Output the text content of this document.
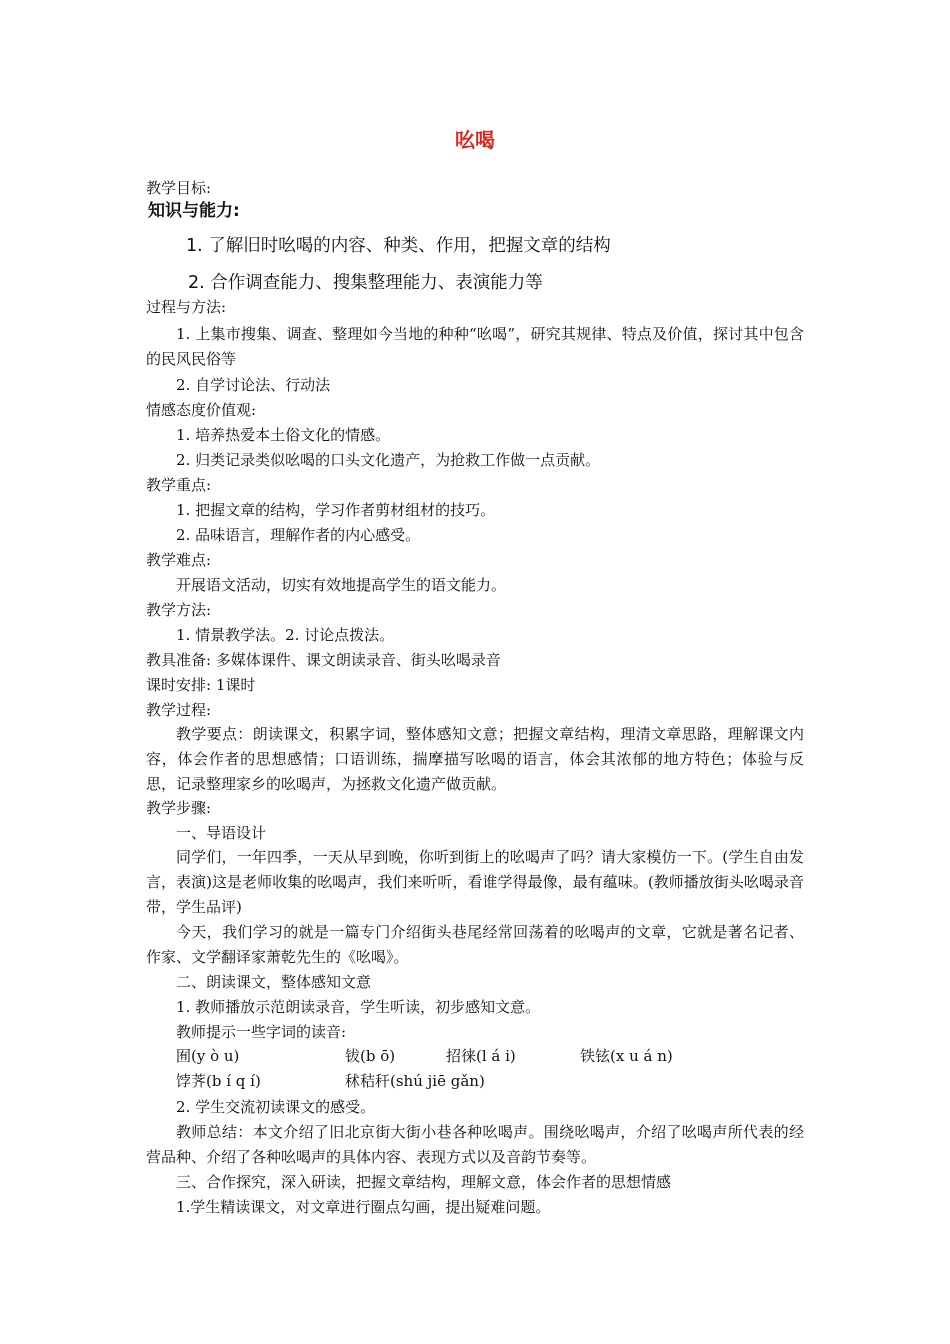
吆喝
教学目标:
知识与能力:
1. 了解旧时吆喝的内容、种类、作用，把握文章的结构
2. 合作调查能力、搜集整理能力、表演能力等
过程与方法:
1. 上集市搜集、调查、整理如今当地的种种“吆喝”，研究其规律、特点及价值，探讨其中包含的民风民俗等
2. 自学讨论法、行动法
情感态度价值观:
1. 培养热爱本土俗文化的情感。
2. 归类记录类似吆喝的口头文化遗产，为抢救工作做一点贡献。
教学重点:
1. 把握文章的结构，学习作者剪材组材的技巧。
2. 品味语言，理解作者的内心感受。
教学难点:
开展语文活动，切实有效地提高学生的语文能力。
教学方法:
1. 情景教学法。2. 讨论点拨法。
教具准备: 多媒体课件、课文朗读录音、街头吆喝录音
课时安排: 1课时
教学过程:
教学要点：朗读课文，积累字词，整体感知文意；把握文章结构，理清文章思路，理解课文内容，体会作者的思想感情；口语训练，揣摩描写吆喝的语言，体会其浓郁的地方特色；体验与反思，记录整理家乡的吆喝声，为拯救文化遗产做贡献。
教学步骤:
一、导语设计
同学们，一年四季，一天从早到晚，你听到街上的吆喝声了吗？请大家模仿一下。(学生自由发言，表演)这是老师收集的吆喝声，我们来听听，看谁学得最像，最有蕴味。(教师播放街头吆喝录音带，学生品评)
今天，我们学习的就是一篇专门介绍街头巷尾经常回荡着的吆喝声的文章，它就是著名记者、作家、文学翻译家萧乾先生的《吆喝》。
二、朗读课文，整体感知文意
1. 教师播放示范朗读录音，学生听读，初步感知文意。
教师提示一些字词的读音:
囿(y ò u)	钹(b ō)	招徕(l á i)	铁铉(x u á n)
饽荠(b í q í)	秫秸秆(shú jiē gǎn)
2. 学生交流初读课文的感受。
教师总结：本文介绍了旧北京街大街小巷各种吆喝声。围绕吆喝声，介绍了吆喝声所代表的经营品种、介绍了各种吆喝声的具体内容、表现方式以及音韵节奏等。
三、合作探究，深入研读，把握文章结构，理解文意，体会作者的思想情感
1.学生精读课文，对文章进行圈点勾画，提出疑难问题。
